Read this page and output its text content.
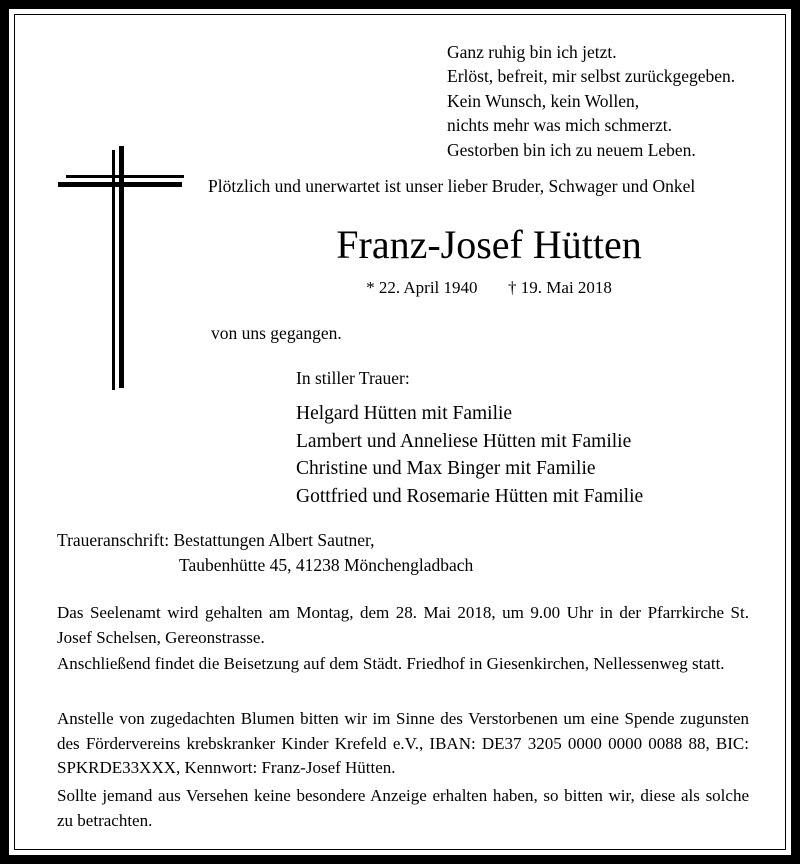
Ganz ruhig bin ich jetzt.
Erlöst, befreit, mir selbst zurückgegeben.
Kein Wunsch, kein Wollen,
nichts mehr was mich schmerzt.
Gestorben bin ich zu neuem Leben.
Plötzlich und unerwartet ist unser lieber Bruder, Schwager und Onkel
Franz-Josef Hütten
* 22. April 1940 † 19. Mai 2018
von uns gegangen.
In stiller Trauer:
Helgard Hütten mit Familie
Lambert und Anneliese Hütten mit Familie
Christine und Max Binger mit Familie
Gottfried und Rosemarie Hütten mit Familie
Traueranschrift: Bestattungen Albert Sautner,
Taubenhütte 45, 41238 Mönchengladbach
Das Seelenamt wird gehalten am Montag, dem 28. Mai 2018, um 9.00 Uhr in der Pfarrkirche St. Josef Schelsen, Gereonstrasse.
Anschließend findet die Beisetzung auf dem Städt. Friedhof in Giesenkirchen, Nellessenweg statt.
Anstelle von zugedachten Blumen bitten wir im Sinne des Verstorbenen um eine Spende zugunsten des Fördervereins krebskranker Kinder Krefeld e.V., IBAN: DE37 3205 0000 0000 0088 88, BIC: SPKRDE33XXX, Kennwort: Franz-Josef Hütten.
Sollte jemand aus Versehen keine besondere Anzeige erhalten haben, so bitten wir, diese als solche zu betrachten.
